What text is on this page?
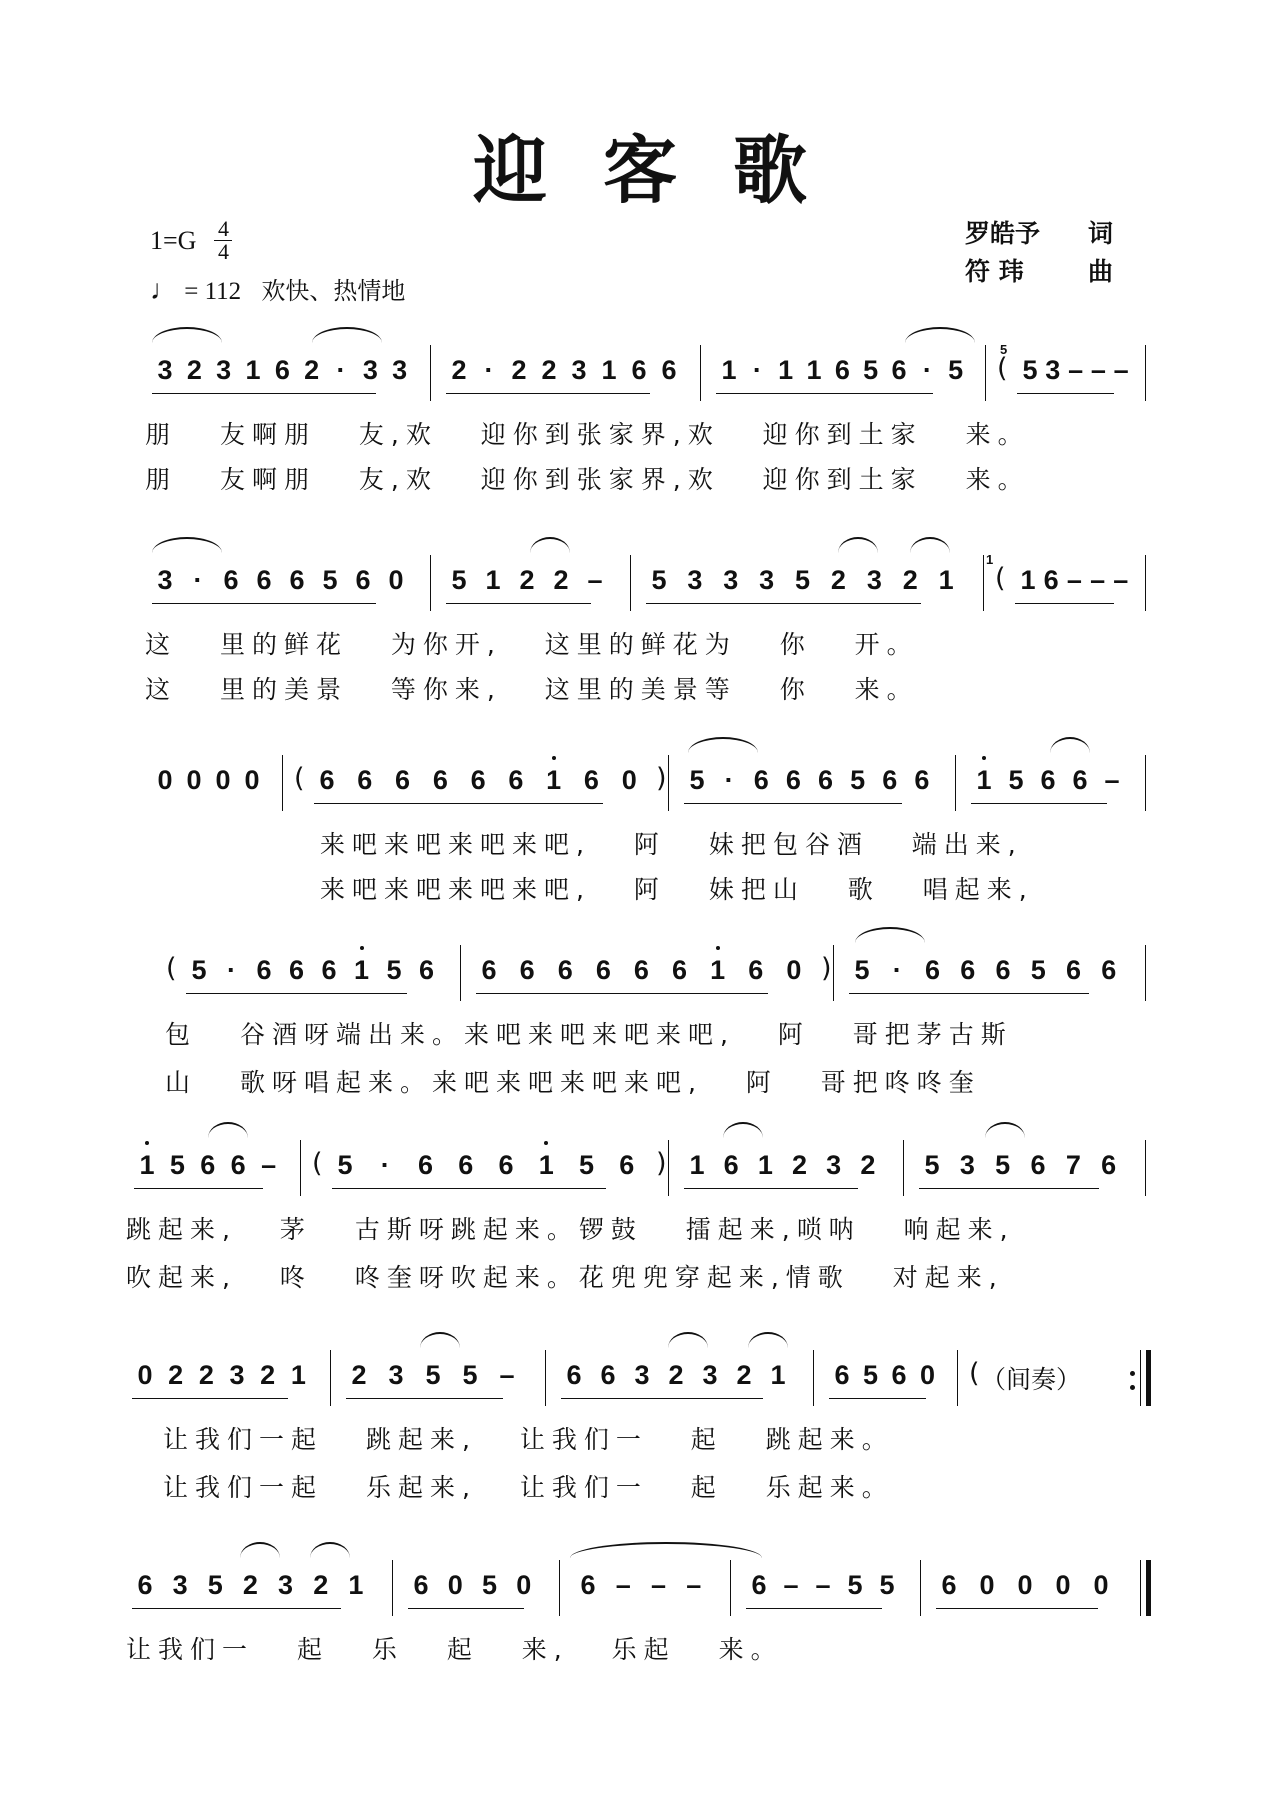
迎客歌
1=G 4
4
♩ = 112 欢快、热情地
罗皓予 词
符 玮	曲
3 2 3 1 6 2 · 3 3 2 · 2 2 3 1 6 6 1 · 1 1 6 5 6 · 5 ( 5 3 – – –
5
朋 友啊朋 友,欢 迎你到张家界,欢 迎你到土家 来。
朋 友啊朋 友,欢 迎你到张家界,欢 迎你到土家 来。
3 · 6 6 6 5 6 0 5 1 2 2 – 5 3 3 3 5 2 3 2 1 ( 1 6 – – –
1
这 里的鲜花 为你开, 这里的鲜花为 你 开。
这 里的美景 等你来, 这里的美景等 你 来。
0 0 0 0 ( 6 6 6 6 6 6 1 6 0 ) 5 · 6 6 6 5 6 6 1 5 6 6 –
来吧来吧来吧来吧, 阿 妹把包谷酒 端出来,
来吧来吧来吧来吧, 阿 妹把山 歌 唱起来,
( 5 · 6 6 6 1 5 6 6 6 6 6 6 6 1 6 0 ) 5 · 6 6 6 5 6 6
包 谷酒呀端出来。来吧来吧来吧来吧, 阿 哥把茅古斯
山 歌呀唱起来。来吧来吧来吧来吧, 阿 哥把咚咚奎
1 5 6 6 – ( 5	·	6 6 6 1 5 6 ) 1 6 1 2 3 2 5 3 5 6 7 6
跳起来, 茅 古斯呀跳起来。锣鼓 擂起来,唢呐 响起来,
吹起来, 咚 咚奎呀吹起来。花兜兜穿起来,情歌 对起来,
0 2 2 3 2 1 2 3 5 5 – 6 6 3 2 3 2 1 6 5 6 0 （间奏）
(
让我们一起 跳起来, 让我们一 起 跳起来。
让我们一起 乐起来, 让我们一 起 乐起来。
6 3 5 2 3 2 1 6 0 5 0 6 – – – 6 – – 5 5 6 0 0 0 0
让我们一 起 乐 起 来, 乐起 来。
